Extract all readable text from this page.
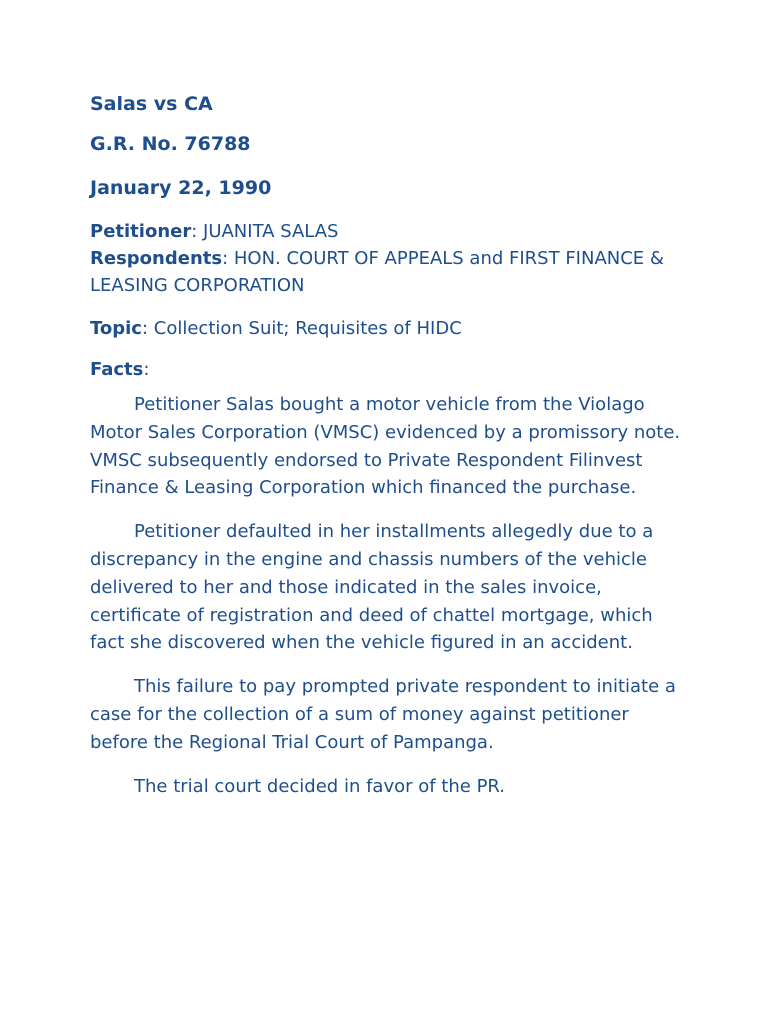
Salas vs CA

G.R. No. 76788

January 22, 1990

Petitioner: JUANITA SALAS

Respondents: HON. COURT OF APPEALS and FIRST FINANCE & LEASING CORPORATION

Topic: Collection Suit; Requisites of HIDC

Facts:

Petitioner Salas bought a motor vehicle from the Violago Motor Sales Corporation (VMSC) evidenced by a promissory note. VMSC subsequently endorsed to Private Respondent Filinvest Finance & Leasing Corporation which financed the purchase.

Petitioner defaulted in her installments allegedly due to a discrepancy in the engine and chassis numbers of the vehicle delivered to her and those indicated in the sales invoice, certificate of registration and deed of chattel mortgage, which fact she discovered when the vehicle figured in an accident.

This failure to pay prompted private respondent to initiate a case for the collection of a sum of money against petitioner before the Regional Trial Court of Pampanga.

The trial court decided in favor of the PR.
